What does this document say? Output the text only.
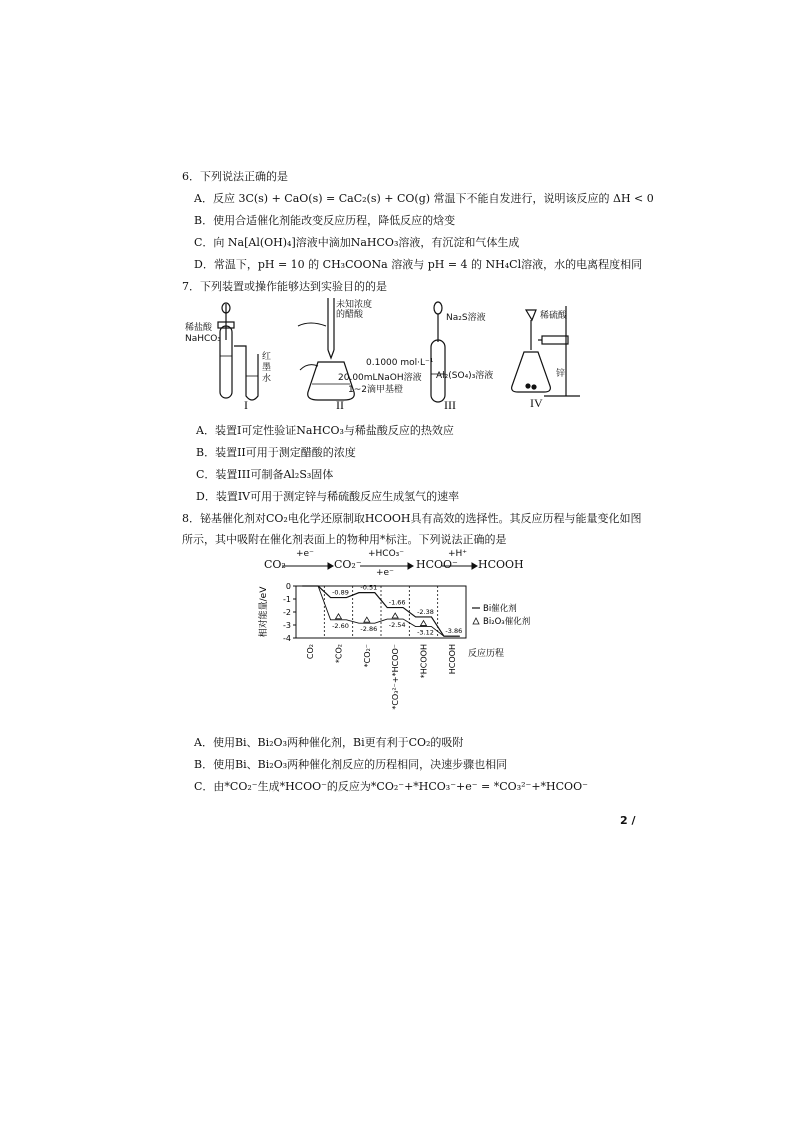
6．下列说法正确的是
A．反应 3C(s) + CaO(s) = CaC₂(s) + CO(g) 常温下不能自发进行，说明该反应的 ΔH < 0
B．使用合适催化剂能改变反应历程，降低反应的焓变
C．向 Na[Al(OH)₄]溶液中滴加NaHCO₃溶液，有沉淀和气体生成
D．常温下，pH = 10 的 CH₃COONa 溶液与 pH = 4 的 NH₄Cl溶液，水的电离程度相同
7．下列装置或操作能够达到实验目的的是
稀盐酸
NaHCO₃
红墨水
未知浓度的醋酸
0.1000 mol·L⁻¹
20.00mLNaOH溶液
1~2滴甲基橙
Na₂S溶液
Al₂(SO₄)₃溶液
稀硫酸
锌
I	II	III	IV
A．装置I可定性验证NaHCO₃与稀盐酸反应的热效应
B．装置II可用于测定醋酸的浓度
C．装置III可制备Al₂S₃固体
D．装置IV可用于测定锌与稀硫酸反应生成氢气的速率
8．铋基催化剂对CO₂电化学还原制取HCOOH具有高效的选择性。其反应历程与能量变化如图
所示，其中吸附在催化剂表面上的物种用*标注。下列说法正确的是
CO₂
+e⁻
CO₂⁻
+HCO₃⁻
+e⁻
HCOO⁻
+H⁺
HCOOH
0
-1
-2
-3
-4
相对能量/eV	-0.89
-0.51
-1.66
-2.38
-3.86
-2.60 -2.86
-2.54
-3.12
CO₂ *CO₂ *CO₂⁻ *CO₃²⁻+*HCOO⁻ *HCOOH HCOOH 反应历程
Bi催化剂
Bi₂O₃催化剂
A．使用Bi、Bi₂O₃两种催化剂，Bi更有利于CO₂的吸附
B．使用Bi、Bi₂O₃两种催化剂反应的历程相同，决速步骤也相同
C．由*CO₂⁻生成*HCOO⁻的反应为*CO₂⁻+*HCO₃⁻+e⁻ = *CO₃²⁻+*HCOO⁻
2 /
